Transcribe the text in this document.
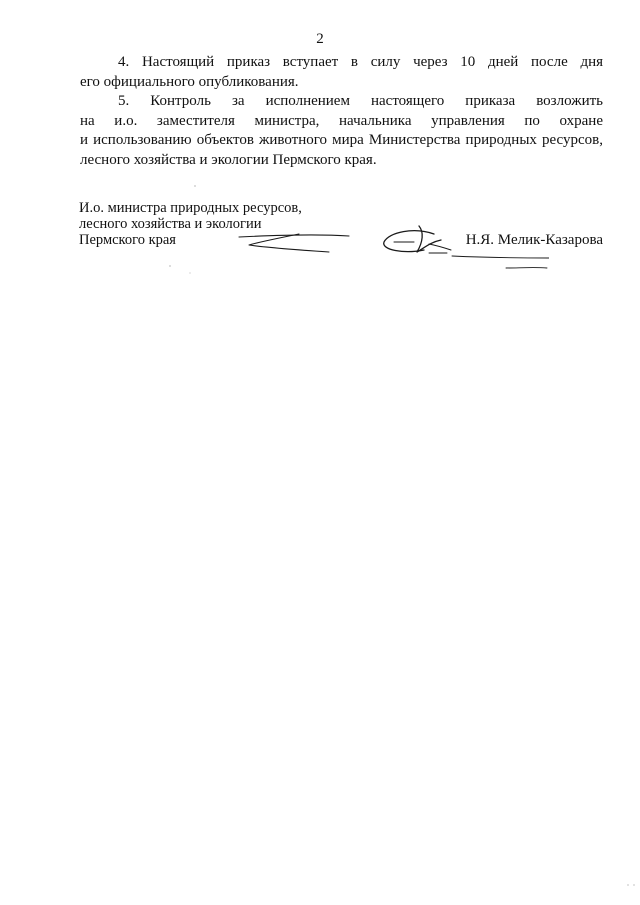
2

4. Настоящий приказ вступает в силу через 10 дней после дня
его официального опубликования.

5. Контроль за исполнением настоящего приказа возложить
на и.о. заместителя министра, начальника управления по охране
и использованию объектов животного мира Министерства природных ресурсов,
лесного хозяйства и экологии Пермского края.

И.о. министра природных ресурсов,
лесного хозяйства и экологии
Пермского края	Н.Я. Мелик-Казарова
